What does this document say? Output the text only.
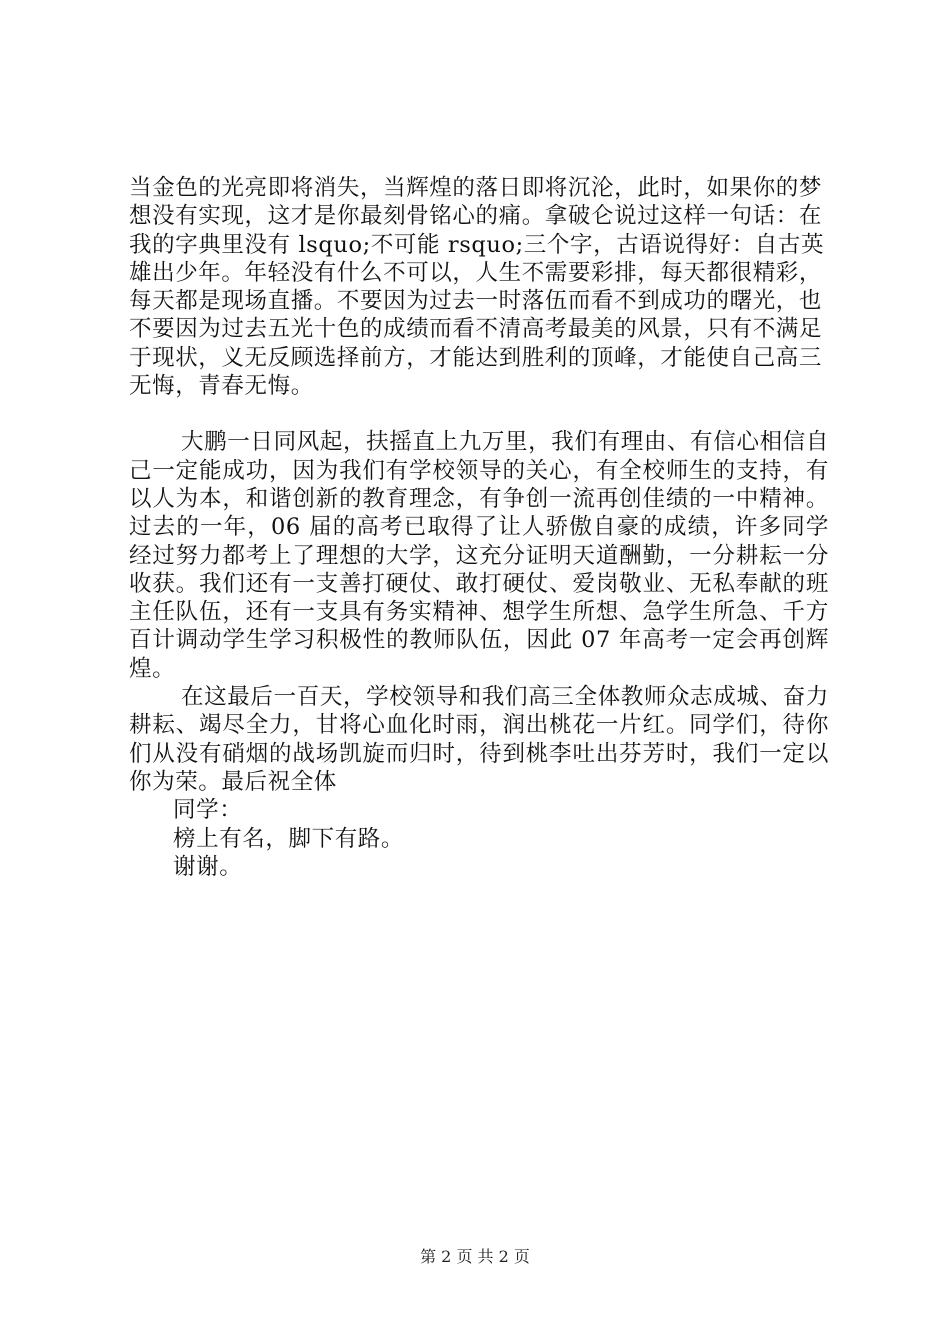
当金色的光亮即将消失，当辉煌的落日即将沉沦，此时，如果你的梦想没有实现，这才是你最刻骨铭心的痛。拿破仑说过这样一句话：在我的字典里没有 lsquo;不可能 rsquo;三个字，古语说得好：自古英雄出少年。年轻没有什么不可以，人生不需要彩排，每天都很精彩，每天都是现场直播。不要因为过去一时落伍而看不到成功的曙光，也不要因为过去五光十色的成绩而看不清高考最美的风景，只有不满足于现状，义无反顾选择前方，才能达到胜利的顶峰，才能使自己高三无悔，青春无悔。

大鹏一日同风起，扶摇直上九万里，我们有理由、有信心相信自己一定能成功，因为我们有学校领导的关心，有全校师生的支持，有以人为本，和谐创新的教育理念，有争创一流再创佳绩的一中精神。过去的一年，06 届的高考已取得了让人骄傲自豪的成绩，许多同学经过努力都考上了理想的大学，这充分证明天道酬勤，一分耕耘一分收获。我们还有一支善打硬仗、敢打硬仗、爱岗敬业、无私奉献的班主任队伍，还有一支具有务实精神、想学生所想、急学生所急、千方百计调动学生学习积极性的教师队伍，因此 07 年高考一定会再创辉煌。

在这最后一百天，学校领导和我们高三全体教师众志成城、奋力耕耘、竭尽全力，甘将心血化时雨，润出桃花一片红。同学们，待你们从没有硝烟的战场凯旋而归时，待到桃李吐出芬芳时，我们一定以你为荣。最后祝全体

同学：

榜上有名，脚下有路。

谢谢。

第 2 页 共 2 页
